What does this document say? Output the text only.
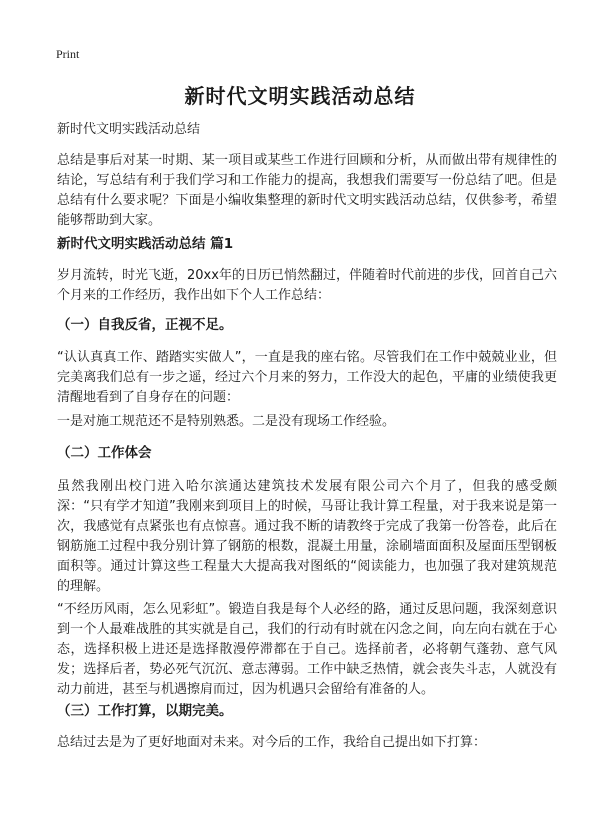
Print
新时代文明实践活动总结

新时代文明实践活动总结

总结是事后对某一时期、某一项目或某些工作进行回顾和分析，从而做出带有规律性的结论，写总结有利于我们学习和工作能力的提高，我想我们需要写一份总结了吧。但是总结有什么要求呢？下面是小编收集整理的新时代文明实践活动总结，仅供参考，希望能够帮助到大家。

新时代文明实践活动总结 篇1

岁月流转，时光飞逝，20xx年的日历已悄然翻过，伴随着时代前进的步伐，回首自己六个月来的工作经历，我作出如下个人工作总结：

（一）自我反省，正视不足。

“认认真真工作、踏踏实实做人”，一直是我的座右铭。尽管我们在工作中兢兢业业，但完美离我们总有一步之遥，经过六个月来的努力，工作没大的起色，平庸的业绩使我更清醒地看到了自身存在的问题：

一是对施工规范还不是特别熟悉。二是没有现场工作经验。

（二）工作体会

虽然我刚出校门进入哈尔滨通达建筑技术发展有限公司六个月了，但我的感受颇深：“只有学才知道”我刚来到项目上的时候，马哥让我计算工程量，对于我来说是第一次，我感觉有点紧张也有点惊喜。通过我不断的请教终于完成了我第一份答卷，此后在钢筋施工过程中我分别计算了钢筋的根数，混凝土用量，涂刷墙面面积及屋面压型钢板面积等。通过计算这些工程量大大提高我对图纸的“阅读能力，也加强了我对建筑规范的理解。

“不经历风雨，怎么见彩虹”。锻造自我是每个人必经的路，通过反思问题，我深刻意识到一个人最难战胜的其实就是自己，我们的行动有时就在闪念之间，向左向右就在于心态，选择积极上进还是选择散漫停滞都在于自己。选择前者，必将朝气蓬勃、意气风发；选择后者，势必死气沉沉、意志薄弱。工作中缺乏热情，就会丧失斗志，人就没有动力前进，甚至与机遇擦肩而过，因为机遇只会留给有准备的人。

（三）工作打算，以期完美。

总结过去是为了更好地面对未来。对今后的工作，我给自己提出如下打算：
